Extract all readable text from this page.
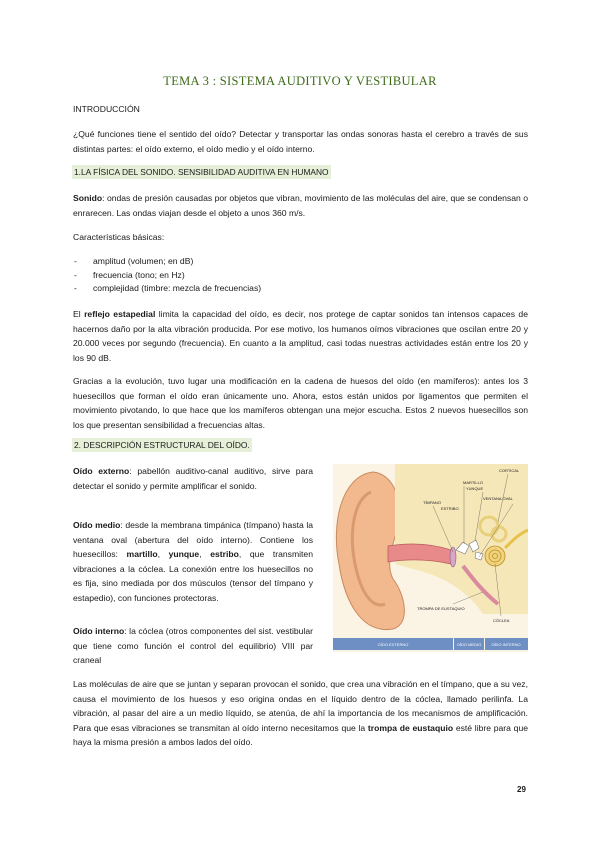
TEMA 3 : SISTEMA AUDITIVO Y VESTIBULAR
INTRODUCCIÓN
¿Qué funciones tiene el sentido del oído? Detectar y transportar las ondas sonoras hasta el cerebro a través de sus distintas partes: el oído externo, el oído medio y el oído interno.
1.LA FÍSICA DEL SONIDO. SENSIBILIDAD AUDITIVA EN HUMANO
Sonido: ondas de presión causadas por objetos que vibran, movimiento de las moléculas del aire, que se condensan o enrarecen. Las ondas viajan desde el objeto a unos 360 m/s.
Características básicas:
- amplitud (volumen; en dB)
- frecuencia (tono; en Hz)
- complejidad (timbre: mezcla de frecuencias)
El reflejo estapedial limita la capacidad del oído, es decir, nos protege de captar sonidos tan intensos capaces de hacernos daño por la alta vibración producida. Por ese motivo, los humanos oímos vibraciones que oscilan entre 20 y 20.000 veces por segundo (frecuencia). En cuanto a la amplitud, casi todas nuestras actividades están entre los 20 y los 90 dB.
Gracias a la evolución, tuvo lugar una modificación en la cadena de huesos del oído (en mamíferos): antes los 3 huesecillos que forman el oído eran únicamente uno. Ahora, estos están unidos por ligamentos que permiten el movimiento pivotando, lo que hace que los mamíferos obtengan una mejor escucha. Estos 2 nuevos huesecillos son los que presentan sensibilidad a frecuencias altas.
2. DESCRIPCIÓN ESTRUCTURAL DEL OÍDO.
Oído externo: pabellón auditivo-canal auditivo, sirve para detectar el sonido y permite amplificar el sonido.
Oído medio: desde la membrana timpánica (tímpano) hasta la ventana oval (abertura del oído interno). Contiene los huesecillos: martillo, yunque, estribo, que transmiten vibraciones a la cóclea. La conexión entre los huesecillos no es fija, sino mediada por dos músculos (tensor del tímpano y estapedio), con funciones protectoras.
Oído interno: la cóclea (otros componentes del sist. vestibular que tiene como función el control del equilibrio) VIII par craneal
MARTILLO
YUNQUE
TÍMPANO
VENTANA OVAL
CORTICAL
ESTRIBO
TROMPA DE EUSTAQUIO
CÓCLEA
OÍDO EXTERNO	OÍDO MEDIO	OÍDO INTERNO
Las moléculas de aire que se juntan y separan provocan el sonido, que crea una vibración en el tímpano, que a su vez, causa el movimiento de los huesos y eso origina ondas en el líquido dentro de la cóclea, llamado perilinfa. La vibración, al pasar del aire a un medio líquido, se atenúa, de ahí la importancia de los mecanismos de amplificación. Para que esas vibraciones se transmitan al oído interno necesitamos que la trompa de eustaquio esté libre para que haya la misma presión a ambos lados del oído.
29
